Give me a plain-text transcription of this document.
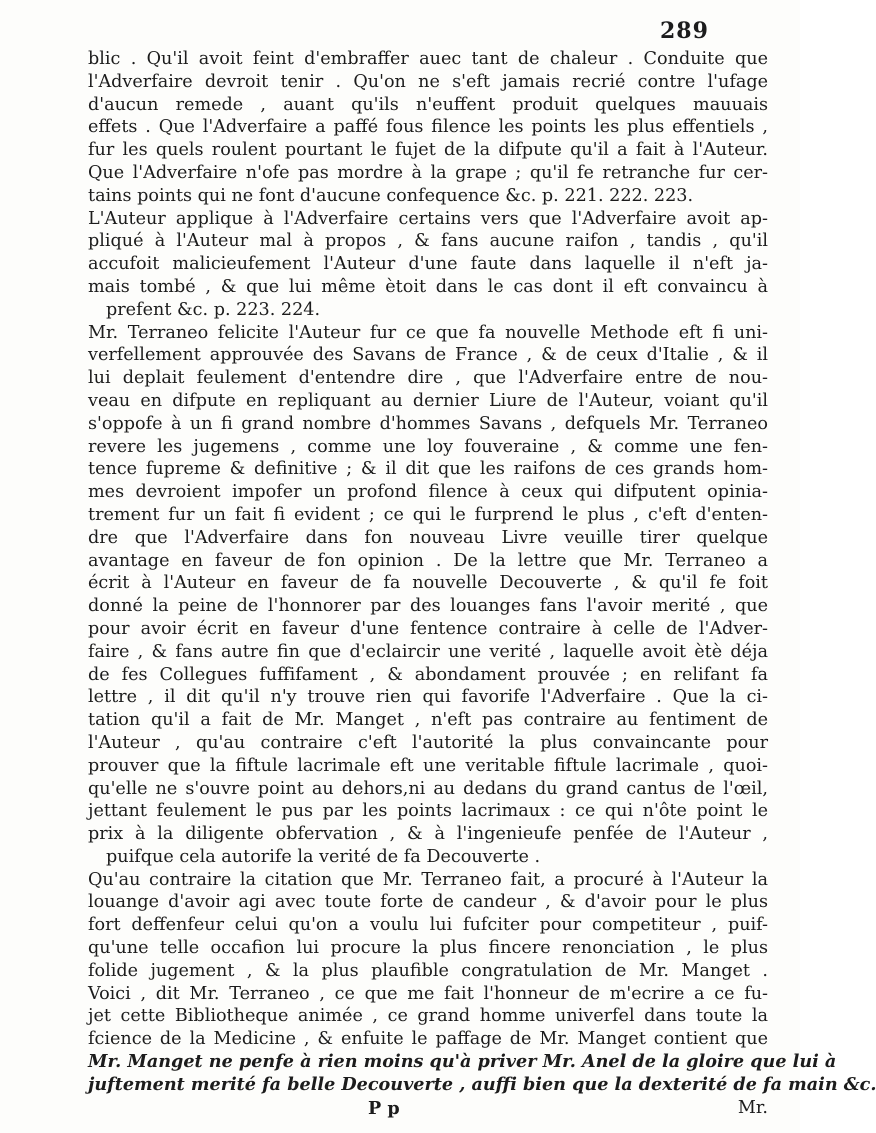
289
blic . Qu'il avoit feint d'embraffer auec tant de chaleur . Conduite que
l'Adverfaire devroit tenir . Qu'on ne s'eft jamais recrié contre l'ufage
d'aucun remede , auant qu'ils n'euffent produit quelques mauuais
effets . Que l'Adverfaire a paffé fous filence les points les plus effentiels ,
fur les quels roulent pourtant le fujet de la difpute qu'il a fait à l'Auteur.
Que l'Adverfaire n'ofe pas mordre à la grape ; qu'il fe retranche fur cer-
tains points qui ne font d'aucune confequence &c. p. 221. 222. 223.
L'Auteur applique à l'Adverfaire certains vers que l'Adverfaire avoit ap-
pliqué à l'Auteur mal à propos , & fans aucune raifon , tandis , qu'il
accufoit malicieufement l'Auteur d'une faute dans laquelle il n'eft ja-
mais tombé , & que lui même ètoit dans le cas dont il eft convaincu à
prefent &c. p. 223. 224.
Mr. Terraneo felicite l'Auteur fur ce que fa nouvelle Methode eft fi uni-
verfellement approuvée des Savans de France , & de ceux d'Italie , & il
lui deplait feulement d'entendre dire , que l'Adverfaire entre de nou-
veau en difpute en repliquant au dernier Liure de l'Auteur, voiant qu'il
s'oppofe à un fi grand nombre d'hommes Savans , defquels Mr. Terraneo
revere les jugemens , comme une loy fouveraine , & comme une fen-
tence fupreme & definitive ; & il dit que les raifons de ces grands hom-
mes devroient impofer un profond filence à ceux qui difputent opinia-
trement fur un fait fi evident ; ce qui le furprend le plus , c'eft d'enten-
dre que l'Adverfaire dans fon nouveau Livre veuille tirer quelque
avantage en faveur de fon opinion . De la lettre que Mr. Terraneo a
écrit à l'Auteur en faveur de fa nouvelle Decouverte , & qu'il fe foit
donné la peine de l'honnorer par des louanges fans l'avoir merité , que
pour avoir écrit en faveur d'une fentence contraire à celle de l'Adver-
faire , & fans autre fin que d'eclaircir une verité , laquelle avoit ètè déja
de fes Collegues fuffifament , & abondament prouvée ; en relifant fa
lettre , il dit qu'il n'y trouve rien qui favorife l'Adverfaire . Que la ci-
tation qu'il a fait de Mr. Manget , n'eft pas contraire au fentiment de
l'Auteur , qu'au contraire c'eft l'autorité la plus convaincante pour
prouver que la fiftule lacrimale eft une veritable fiftule lacrimale , quoi-
qu'elle ne s'ouvre point au dehors,ni au dedans du grand cantus de l'œil,
jettant feulement le pus par les points lacrimaux : ce qui n'ôte point le
prix à la diligente obfervation , & à l'ingenieufe penfée de l'Auteur ,
puifque cela autorife la verité de fa Decouverte .
Qu'au contraire la citation que Mr. Terraneo fait, a procuré à l'Auteur la
louange d'avoir agi avec toute forte de candeur , & d'avoir pour le plus
fort deffenfeur celui qu'on a voulu lui fufciter pour competiteur , puif-
qu'une telle occafion lui procure la plus fincere renonciation , le plus
folide jugement , & la plus plaufible congratulation de Mr. Manget .
Voici , dit Mr. Terraneo , ce que me fait l'honneur de m'ecrire a ce fu-
jet cette Bibliotheque animée , ce grand homme univerfel dans toute la
fcience de la Medicine , & enfuite le paffage de Mr. Manget contient que
Mr. Manget ne penfe à rien moins qu'à priver Mr. Anel de la gloire que lui à
juftement merité fa belle Decouverte , auffi bien que la dexterité de fa main &c.
P p	Mr.
